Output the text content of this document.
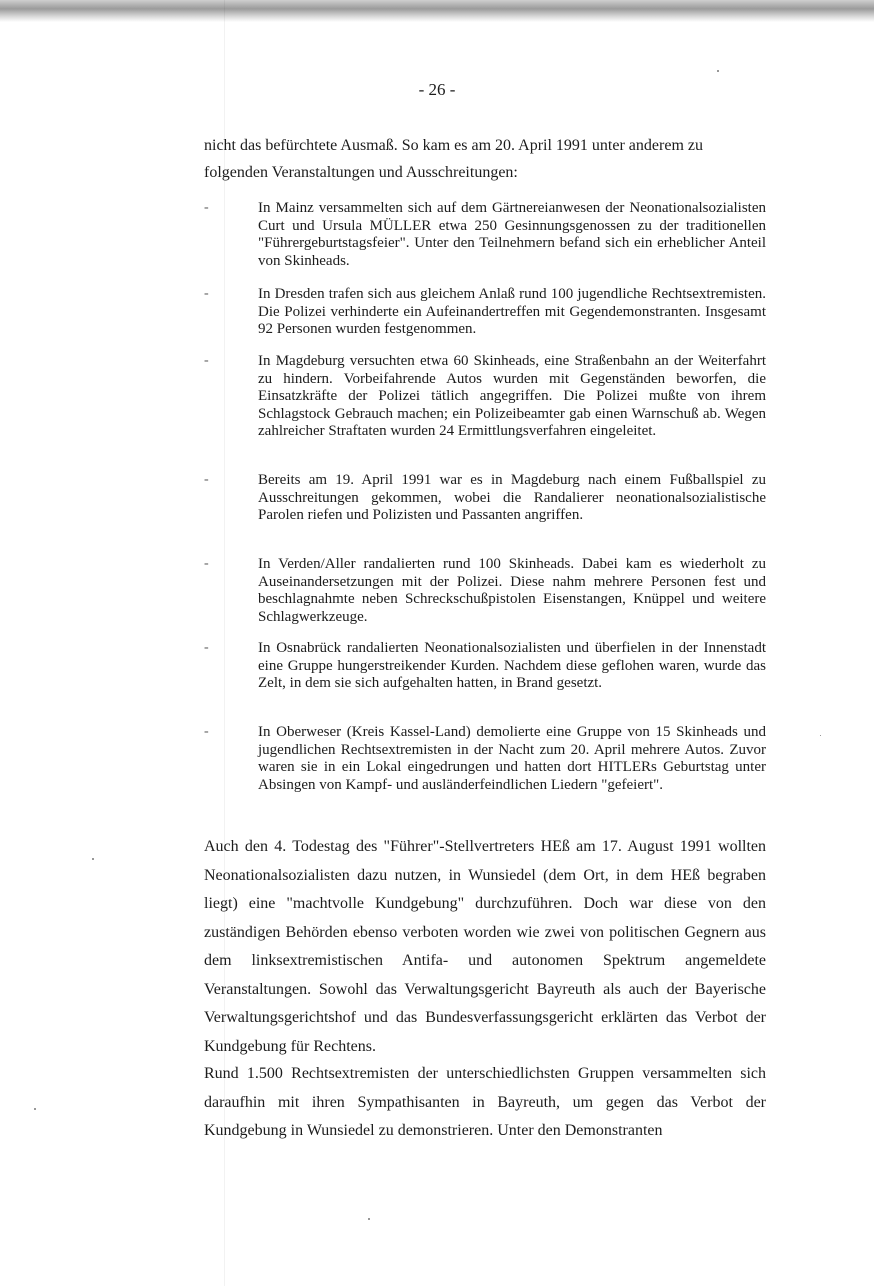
- 26 -

nicht das befürchtete Ausmaß. So kam es am 20. April 1991 unter anderem zu folgenden Veranstaltungen und Ausschreitungen:

-	In Mainz versammelten sich auf dem Gärtnereianwesen der Neonationalsozialisten Curt und Ursula MÜLLER etwa 250 Gesinnungsgenossen zu der traditionellen "Führergeburtstagsfeier". Unter den Teilnehmern befand sich ein erheblicher Anteil von Skinheads.

-	In Dresden trafen sich aus gleichem Anlaß rund 100 jugendliche Rechtsextremisten. Die Polizei verhinderte ein Aufeinandertreffen mit Gegendemonstranten. Insgesamt 92 Personen wurden festgenommen.

-	In Magdeburg versuchten etwa 60 Skinheads, eine Straßenbahn an der Weiterfahrt zu hindern. Vorbeifahrende Autos wurden mit Gegenständen beworfen, die Einsatzkräfte der Polizei tätlich angegriffen. Die Polizei mußte von ihrem Schlagstock Gebrauch machen; ein Polizeibeamter gab einen Warnschuß ab. Wegen zahlreicher Straftaten wurden 24 Ermittlungsverfahren eingeleitet.

-	Bereits am 19. April 1991 war es in Magdeburg nach einem Fußballspiel zu Ausschreitungen gekommen, wobei die Randalierer neonationalsozialistische Parolen riefen und Polizisten und Passanten angriffen.

-	In Verden/Aller randalierten rund 100 Skinheads. Dabei kam es wiederholt zu Auseinandersetzungen mit der Polizei. Diese nahm mehrere Personen fest und beschlagnahmte neben Schreckschußpistolen Eisenstangen, Knüppel und weitere Schlagwerkzeuge.

-	In Osnabrück randalierten Neonationalsozialisten und überfielen in der Innenstadt eine Gruppe hungerstreikender Kurden. Nachdem diese geflohen waren, wurde das Zelt, in dem sie sich aufgehalten hatten, in Brand gesetzt.

-	In Oberweser (Kreis Kassel-Land) demolierte eine Gruppe von 15 Skinheads und jugendlichen Rechtsextremisten in der Nacht zum 20. April mehrere Autos. Zuvor waren sie in ein Lokal eingedrungen und hatten dort HITLERs Geburtstag unter Absingen von Kampf- und ausländerfeindlichen Liedern "gefeiert".

Auch den 4. Todestag des "Führer"-Stellvertreters HEß am 17. August 1991 wollten Neonationalsozialisten dazu nutzen, in Wunsiedel (dem Ort, in dem HEß begraben liegt) eine "machtvolle Kundgebung" durchzuführen. Doch war diese von den zuständigen Behörden ebenso verboten worden wie zwei von politischen Gegnern aus dem linksextremistischen Antifa- und autonomen Spektrum angemeldete Veranstaltungen. Sowohl das Verwaltungsgericht Bayreuth als auch der Bayerische Verwaltungsgerichtshof und das Bundesverfassungsgericht erklärten das Verbot der Kundgebung für Rechtens.

Rund 1.500 Rechtsextremisten der unterschiedlichsten Gruppen versammelten sich daraufhin mit ihren Sympathisanten in Bayreuth, um gegen das Verbot der Kundgebung in Wunsiedel zu demonstrieren. Unter den Demonstranten
